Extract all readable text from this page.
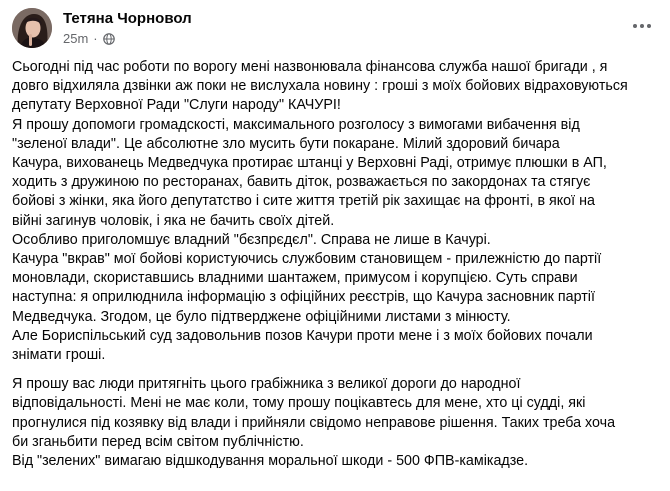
Тетяна Чорновол
25m ·

Сьогодні під час роботи по ворогу мені назвонювала фінансова служба нашої бригади , я

довго відхиляла дзвінки аж поки не вислухала новину : гроші з моїх бойових відраховуються

депутату Верховної Ради "Слуги народу" КАЧУРІ!

Я прошу допомоги громадскості, максимального розголосу з вимогами вибачення від

"зеленої влади". Це абсолютне зло мусить бути покаране. Мілий здоровий бичара

Качура, вихованець Медведчука протирає штанці у Верховні Раді, отримує плюшки в АП,

ходить з дружиною по ресторанах, бавить діток, розважається по закордонах та стягує

бойові з жінки, яка його депутатство і сите життя третій рік захищає на фронті, в якої на

війні загинув чоловік, і яка не бачить своїх дітей.

Особливо приголомшує владний "бєзпрєдєл". Справа не лише в Качурі.

Качура "вкрав" мої бойові користуючись службовим становищем - прилежністю до партії

моновлади, скориставшись владними шантажем, примусом і корупцією. Суть справи

наступна: я оприлюднила інформацію з офіційних реєстрів, що Качура засновник партії

Медведчука. Згодом, це було підтверджене офіційними листами з мінюсту.

Але Бориспільський суд задовольнив позов Качури проти мене і з моїх бойових почали

знімати гроші.

Я прошу вас люди притягніть цього грабіжника з великої дороги до народної

відповідальності. Мені не має коли, тому прошу поцікавтесь для мене, хто ці судді, які

прогнулися під козявку від влади і прийняли свідомо неправове рішення. Таких треба хоча

би зганьбити перед всім світом публічністю.

Від "зелених" вимагаю відшкодування моральної шкоди - 500 ФПВ-камікадзе.
